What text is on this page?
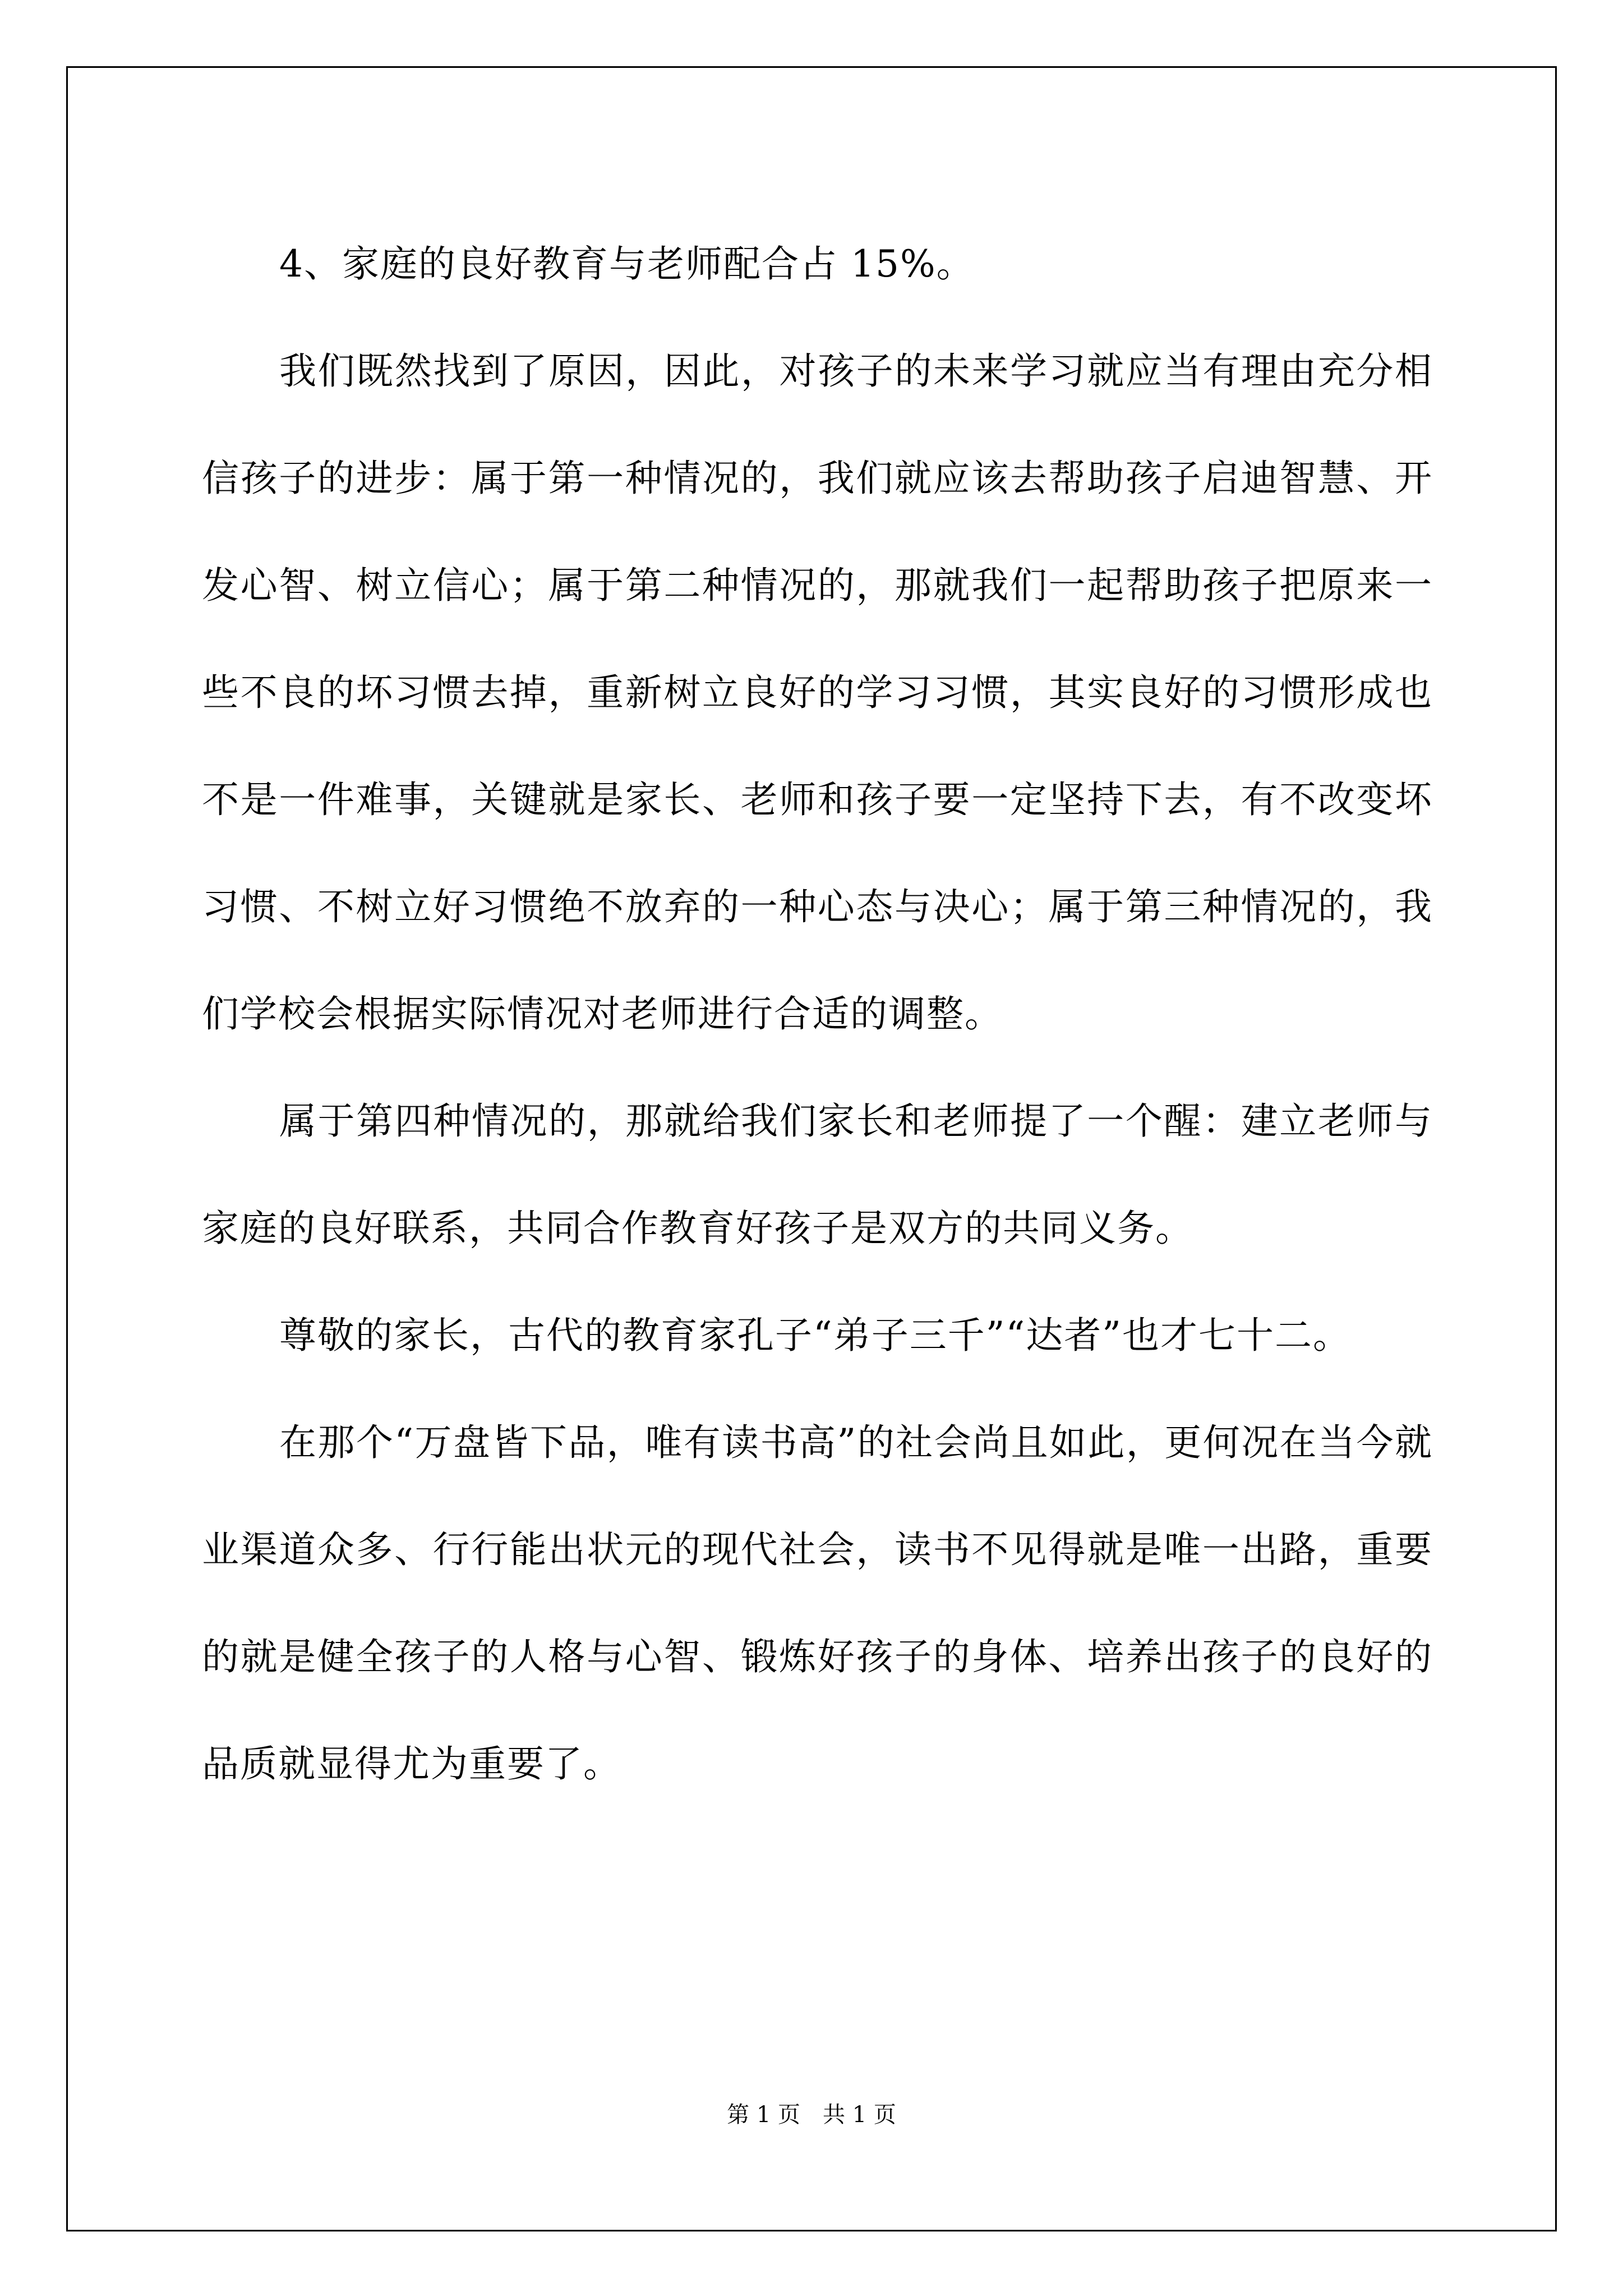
4、家庭的良好教育与老师配合占 15%。

我们既然找到了原因，因此，对孩子的未来学习就应当有理由充分相信孩子的进步：属于第一种情况的，我们就应该去帮助孩子启迪智慧、开发心智、树立信心；属于第二种情况的，那就我们一起帮助孩子把原来一些不良的坏习惯去掉，重新树立良好的学习习惯，其实良好的习惯形成也不是一件难事，关键就是家长、老师和孩子要一定坚持下去，有不改变坏习惯、不树立好习惯绝不放弃的一种心态与决心；属于第三种情况的，我们学校会根据实际情况对老师进行合适的调整。

属于第四种情况的，那就给我们家长和老师提了一个醒：建立老师与家庭的良好联系，共同合作教育好孩子是双方的共同义务。

尊敬的家长，古代的教育家孔子“弟子三千”“达者”也才七十二。

在那个“万盘皆下品，唯有读书高”的社会尚且如此，更何况在当今就业渠道众多、行行能出状元的现代社会，读书不见得就是唯一出路，重要的就是健全孩子的人格与心智、锻炼好孩子的身体、培养出孩子的良好的品质就显得尤为重要了。

第 1 页　共 1 页
